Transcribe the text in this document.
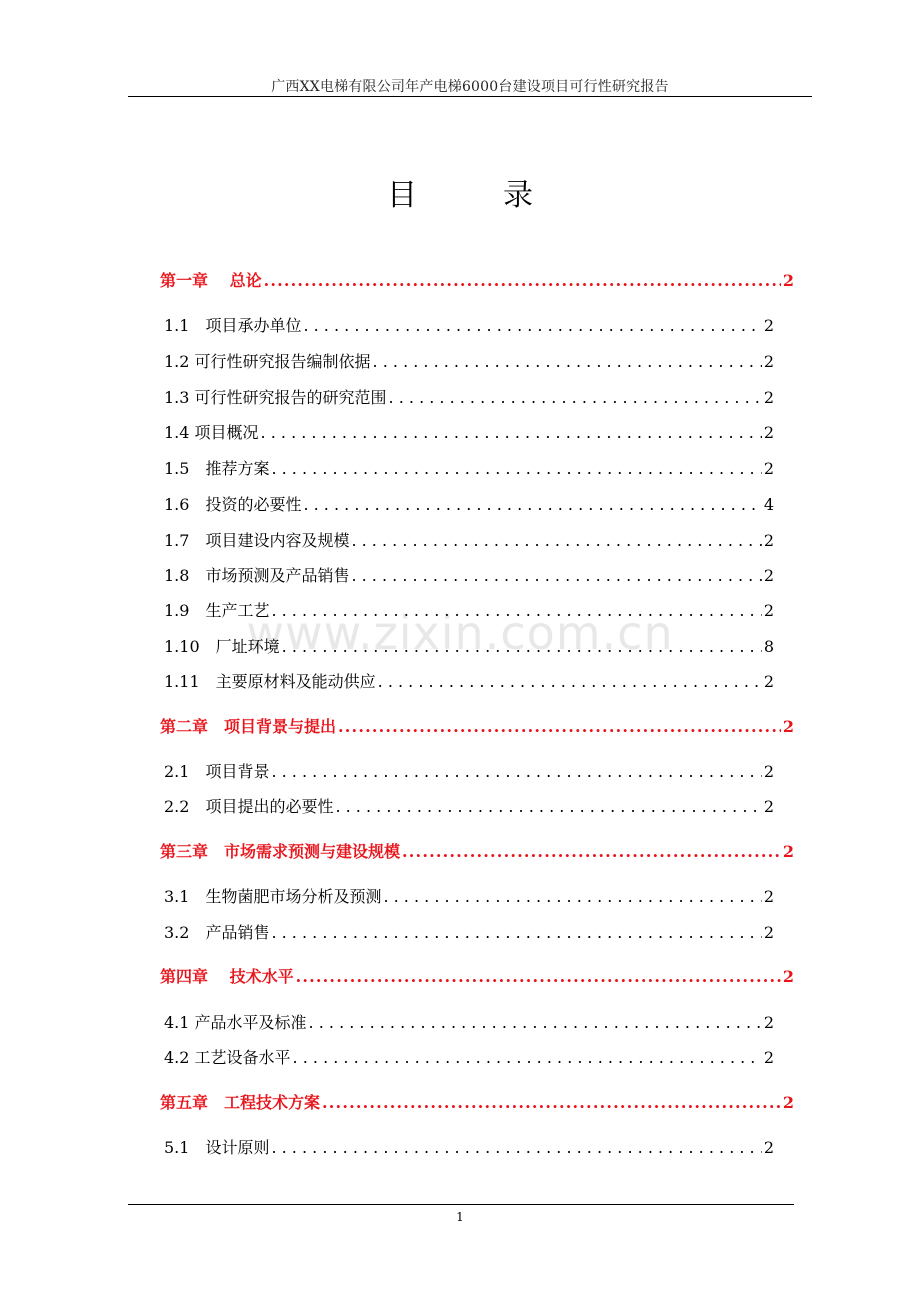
广西XX电梯有限公司年产电梯6000台建设项目可行性研究报告
目	录
www.zixin.com.cn
第一章　 总论 .....	2
1.1　项目承办单位 . . .	2
1.2 可行性研究报告编制依据 . . .	2
1.3 可行性研究报告的研究范围 . . .	2
1.4 项目概况 . . .	2
1.5　推荐方案 . . .	2
1.6　投资的必要性 . . .	4
1.7　项目建设内容及规模 . . .	2
1.8　市场预测及产品销售 . . .	2
1.9　生产工艺 . . .	2
1.10　厂址环境 . . .	8
1.11　主要原材料及能动供应 . . .	2
第二章　项目背景与提出 .....	2
2.1　项目背景 . . .	2
2.2　项目提出的必要性 . . .	2
第三章　市场需求预测与建设规模 .....	2
3.1　生物菌肥市场分析及预测 . . .	2
3.2　产品销售 . . .	2
第四章　 技术水平 .....	2
4.1 产品水平及标准 . . .	2
4.2 工艺设备水平 . . .	2
第五章　工程技术方案 .....	2
5.1　设计原则 . . .	2
1
